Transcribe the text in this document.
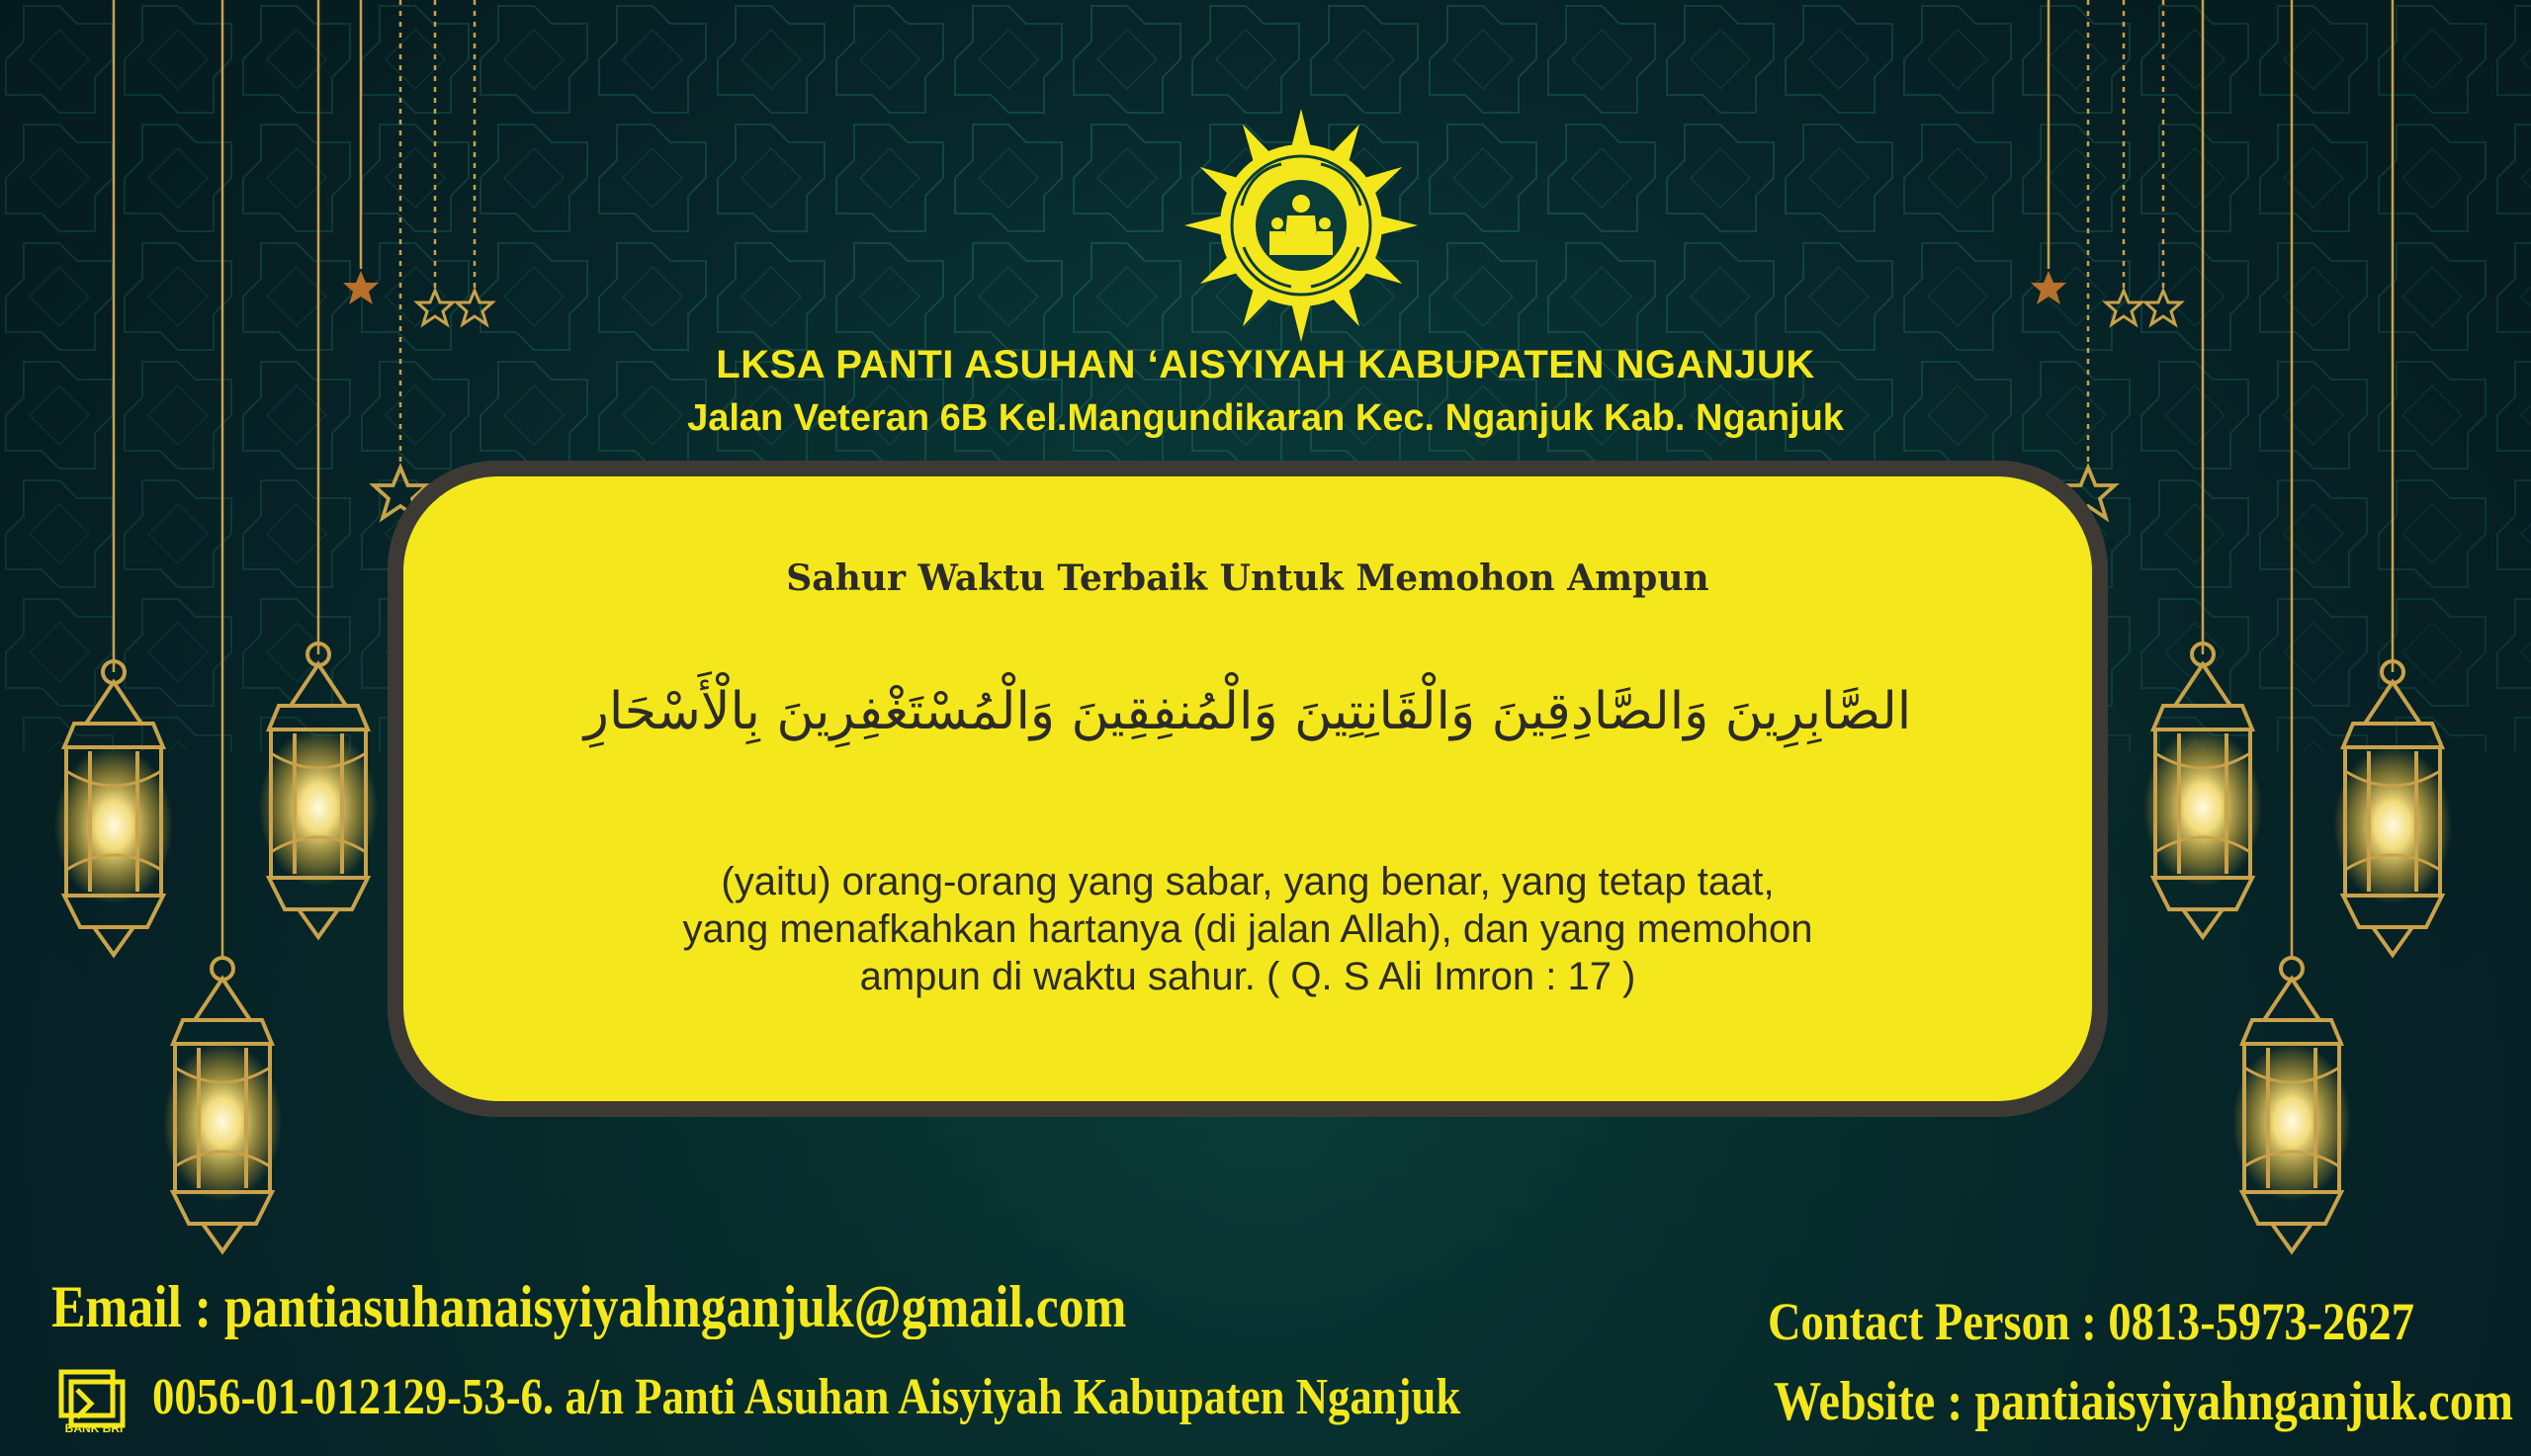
LKSA PANTI ASUHAN ‘AISYIYAH KABUPATEN NGANJUK
Jalan Veteran 6B Kel.Mangundikaran Kec. Nganjuk Kab. Nganjuk
Sahur Waktu Terbaik Untuk Memohon Ampun
الصَّابِرِينَ وَالصَّادِقِينَ وَالْقَانِتِينَ وَالْمُنفِقِينَ وَالْمُسْتَغْفِرِينَ بِالْأَسْحَارِ
(yaitu) orang-orang yang sabar, yang benar, yang tetap taat,
yang menafkahkan hartanya (di jalan Allah), dan yang memohon
ampun di waktu sahur. ( Q. S Ali Imron : 17 )
Email : pantiasuhanaisyiyahnganjuk@gmail.com
BANK BRI
0056-01-012129-53-6. a/n Panti Asuhan Aisyiyah Kabupaten Nganjuk
Contact Person : 0813-5973-2627
Website : pantiaisyiyahnganjuk.com
